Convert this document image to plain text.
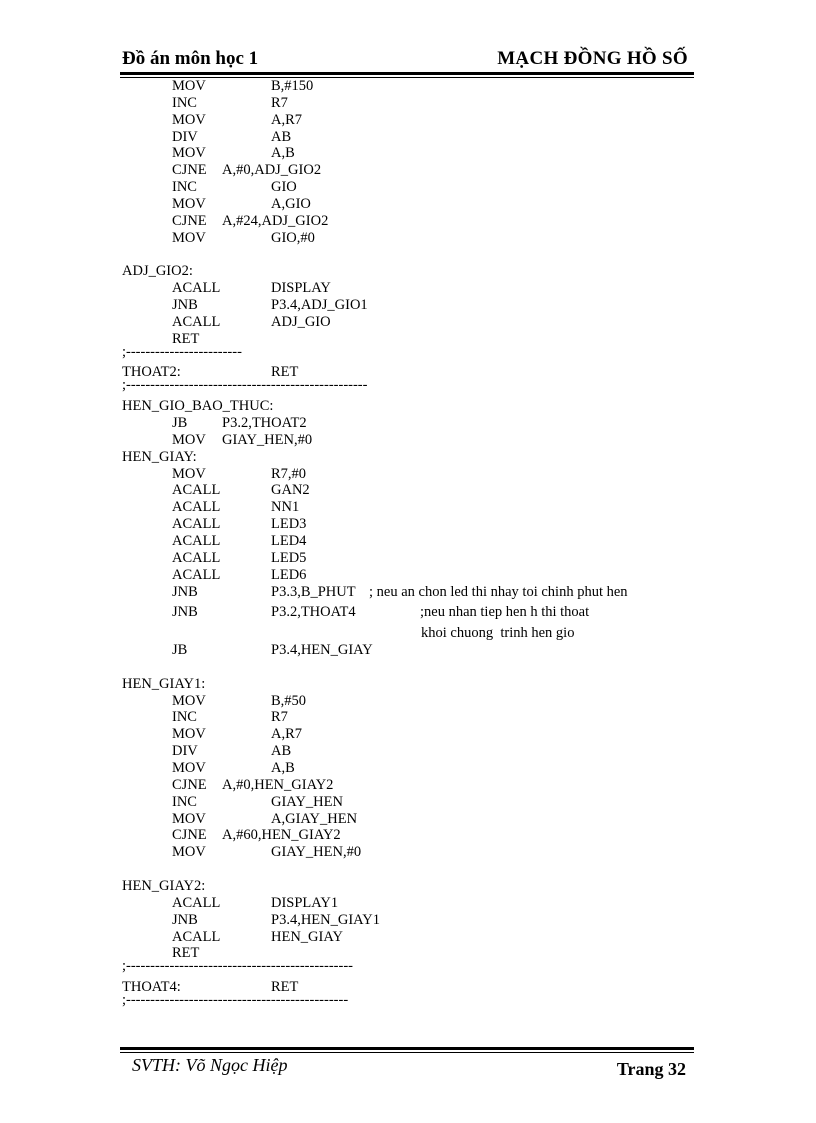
Đồ án môn học 1	MẠCH ĐỒNG HỒ SỐ
MOV	B,#150
INC	R7
MOV	A,R7
DIV	AB
MOV	A,B
CJNE A,#0,ADJ_GIO2
INC	GIO
MOV	A,GIO
CJNE A,#24,ADJ_GIO2
MOV	GIO,#0
ADJ_GIO2:
ACALL	DISPLAY
JNB	P3.4,ADJ_GIO1
ACALL	ADJ_GIO
RET
;------------------------
THOAT2:	RET
;--------------------------------------------------
HEN_GIO_BAO_THUC:
JB P3.2,THOAT2
MOV GIAY_HEN,#0
HEN_GIAY:
MOV	R7,#0
ACALL	GAN2
ACALL	NN1
ACALL	LED3
ACALL	LED4
ACALL	LED5
ACALL	LED6
JNB	P3.3,B_PHUT ; neu an chon led thi nhay toi chinh phut hen
JNB	P3.2,THOAT4	;neu nhan tiep hen h thi thoat
khoi chuong  trinh hen gio
JB	P3.4,HEN_GIAY
HEN_GIAY1:
MOV	B,#50
INC	R7
MOV	A,R7
DIV	AB
MOV	A,B
CJNE A,#0,HEN_GIAY2
INC	GIAY_HEN
MOV	A,GIAY_HEN
CJNE A,#60,HEN_GIAY2
MOV	GIAY_HEN,#0
HEN_GIAY2:
ACALL	DISPLAY1
JNB	P3.4,HEN_GIAY1
ACALL	HEN_GIAY
RET
;-----------------------------------------------
THOAT4:	RET
;----------------------------------------------
SVTH: Võ Ngọc Hiệp	Trang 32
